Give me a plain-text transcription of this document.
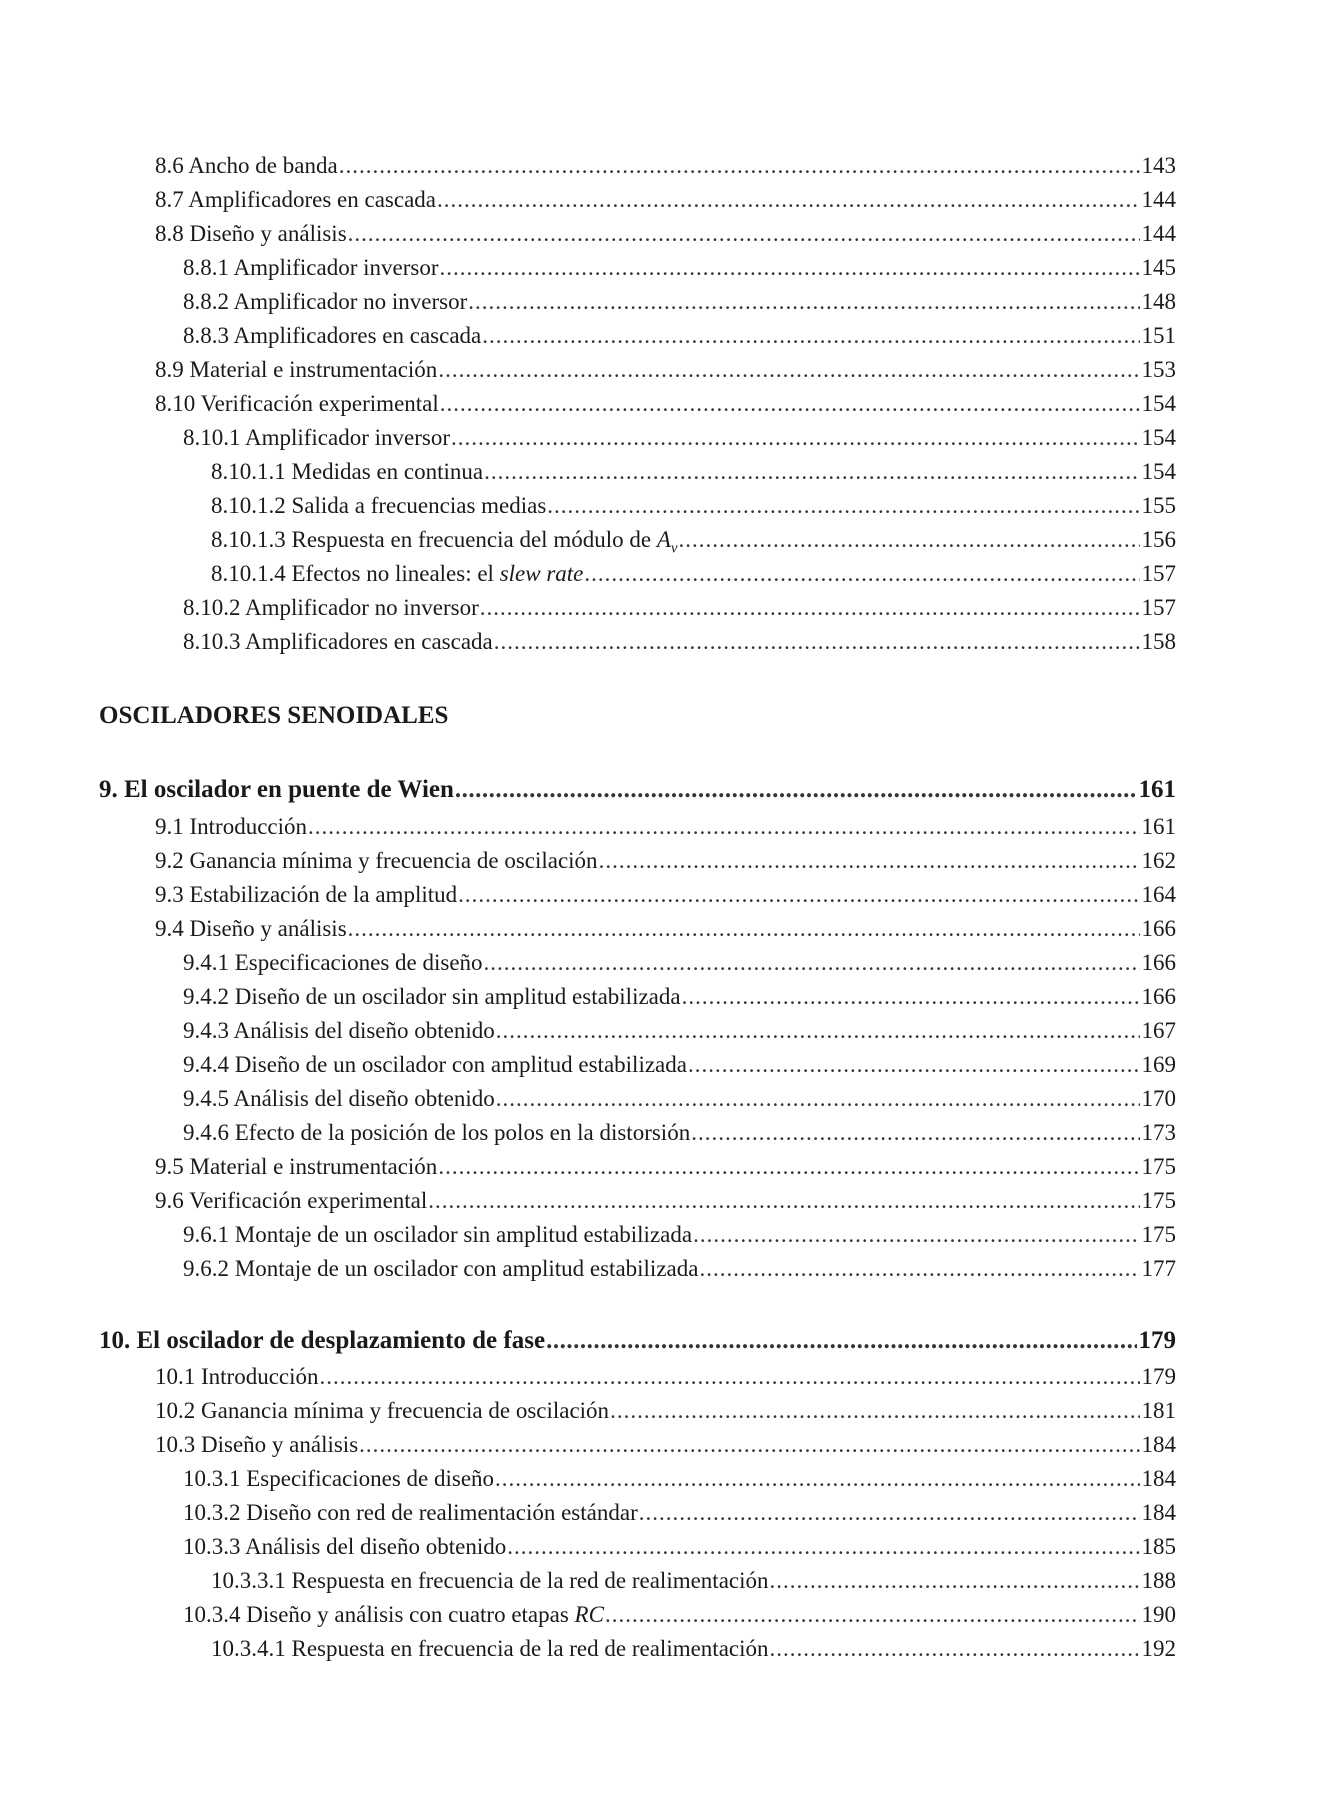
8.6 Ancho de banda .....	143
8.7 Amplificadores en cascada .....	144
8.8 Diseño y análisis .....	144
8.8.1 Amplificador inversor .....	145
8.8.2 Amplificador no inversor .....	148
8.8.3 Amplificadores en cascada .....	151
8.9 Material e instrumentación .....	153
8.10 Verificación experimental .....	154
8.10.1 Amplificador inversor .....	154
8.10.1.1 Medidas en continua .....	154
8.10.1.2 Salida a frecuencias medias .....	155
8.10.1.3 Respuesta en frecuencia del módulo de $A_v$ .....	156
8.10.1.4 Efectos no lineales: el slew rate .....	157
8.10.2 Amplificador no inversor .....	157
8.10.3 Amplificadores en cascada .....	158
OSCILADORES SENOIDALES
9. El oscilador en puente de Wien .....	161
9.1 Introducción .....	161
9.2 Ganancia mínima y frecuencia de oscilación .....	162
9.3 Estabilización de la amplitud .....	164
9.4 Diseño y análisis .....	166
9.4.1 Especificaciones de diseño .....	166
9.4.2 Diseño de un oscilador sin amplitud estabilizada .....	166
9.4.3 Análisis del diseño obtenido .....	167
9.4.4 Diseño de un oscilador con amplitud estabilizada .....	169
9.4.5 Análisis del diseño obtenido .....	170
9.4.6 Efecto de la posición de los polos en la distorsión .....	173
9.5 Material e instrumentación .....	175
9.6 Verificación experimental .....	175
9.6.1 Montaje de un oscilador sin amplitud estabilizada .....	175
9.6.2 Montaje de un oscilador con amplitud estabilizada .....	177
10. El oscilador de desplazamiento de fase .....	179
10.1 Introducción .....	179
10.2 Ganancia mínima y frecuencia de oscilación .....	181
10.3 Diseño y análisis .....	184
10.3.1 Especificaciones de diseño .....	184
10.3.2 Diseño con red de realimentación estándar .....	184
10.3.3 Análisis del diseño obtenido .....	185
10.3.3.1 Respuesta en frecuencia de la red de realimentación .....	188
10.3.4 Diseño y análisis con cuatro etapas RC .....	190
10.3.4.1 Respuesta en frecuencia de la red de realimentación .....	192
